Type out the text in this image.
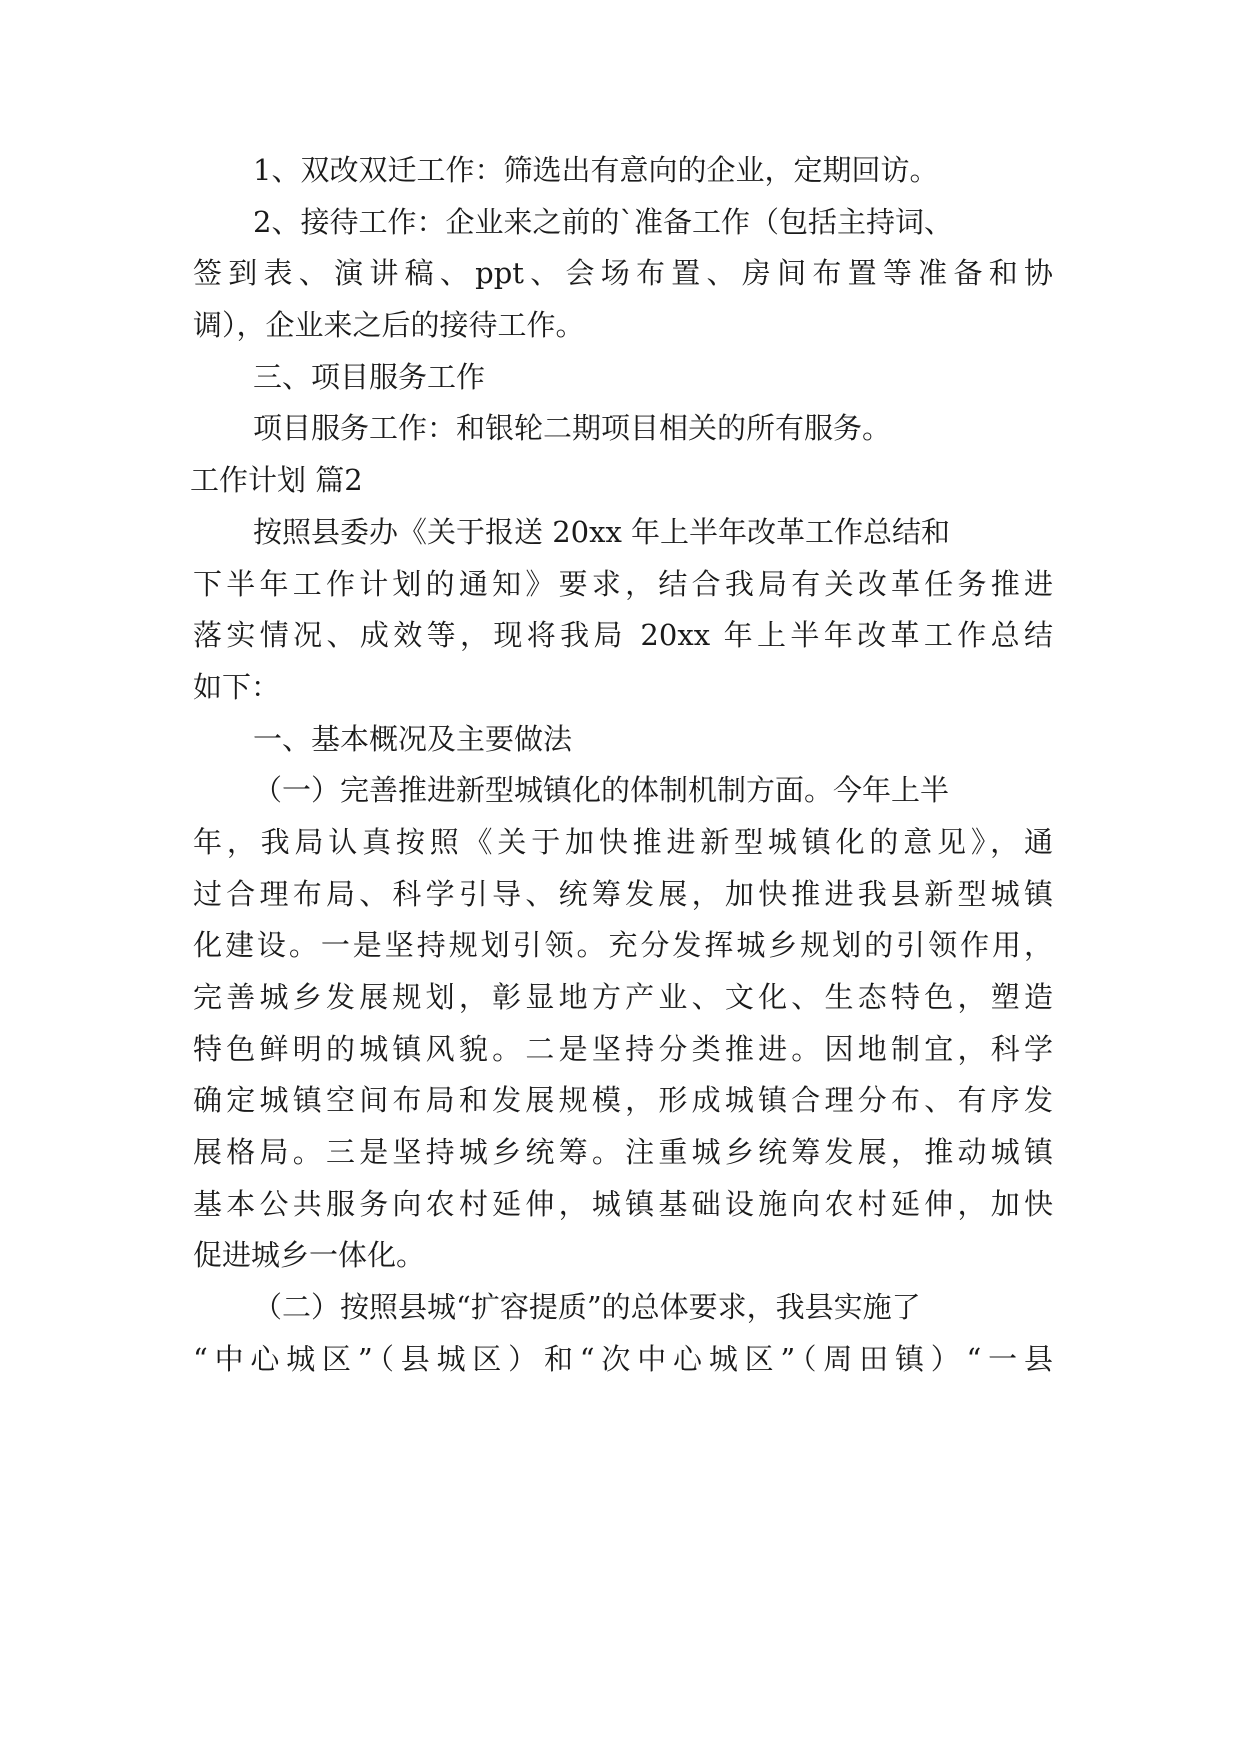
1、双改双迁工作：筛选出有意向的企业，定期回访。
2、接待工作：企业来之前的`准备工作（包括主持词、
签到表、演讲稿、ppt、会场布置、房间布置等准备和协
调），企业来之后的接待工作。
三、项目服务工作
项目服务工作：和银轮二期项目相关的所有服务。
工作计划 篇2
按照县委办《关于报送 20xx 年上半年改革工作总结和
下半年工作计划的通知》要求，结合我局有关改革任务推进
落实情况、成效等，现将我局 20xx 年上半年改革工作总结
如下：
一、基本概况及主要做法
（一）完善推进新型城镇化的体制机制方面。今年上半
年，我局认真按照《关于加快推进新型城镇化的意见》，通
过合理布局、科学引导、统筹发展，加快推进我县新型城镇
化建设。一是坚持规划引领。充分发挥城乡规划的引领作用，
完善城乡发展规划，彰显地方产业、文化、生态特色，塑造
特色鲜明的城镇风貌。二是坚持分类推进。因地制宜，科学
确定城镇空间布局和发展规模，形成城镇合理分布、有序发
展格局。三是坚持城乡统筹。注重城乡统筹发展，推动城镇
基本公共服务向农村延伸，城镇基础设施向农村延伸，加快
促进城乡一体化。
（二）按照县城“扩容提质”的总体要求，我县实施了
“中心城区”（县城区）和“次中心城区”（周田镇）“一县
